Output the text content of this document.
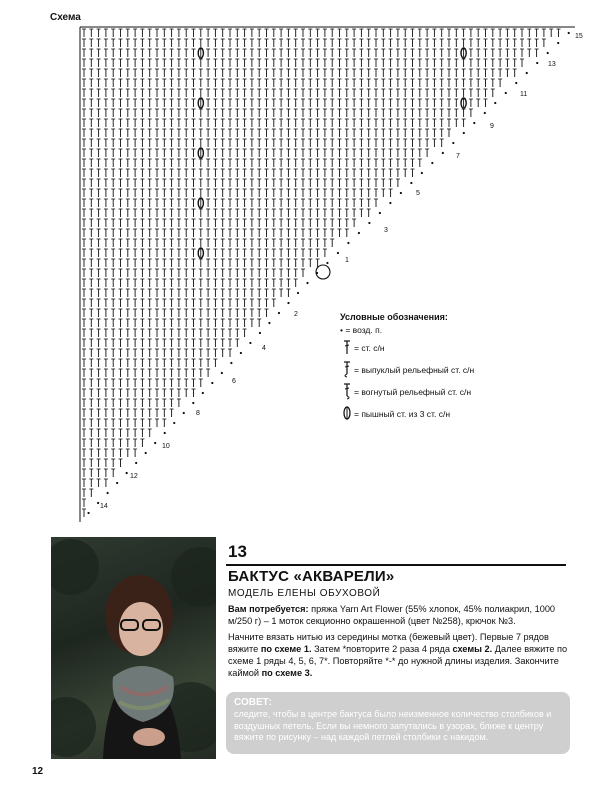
Схема
1
3
5
7
9
11
13
15
2
4
6
8
10
12
14
Условные обозначения:
• = возд. п.
= ст. с/н
= выпуклый рельефный ст. с/н
= вогнутый рельефный ст. с/н
= пышный ст. из 3 ст. с/н
13
БАКТУС «АКВАРЕЛИ»
МОДЕЛЬ ЕЛЕНЫ ОБУХОВОЙ

Вам потребуется: пряжа Yarn Art Flower (55% хлопок, 45% полиакрил, 1000 м/250 г) – 1 моток секционно окрашенной (цвет №258), крючок №3.

Начните вязать нитью из середины мотка (бежевый цвет). Первые 7 рядов вяжите по схеме 1. Затем *повторите 2 раза 4 ряда схемы 2. Далее вяжите по схеме 1 ряды 4, 5, 6, 7*. Повторяйте *-* до нужной длины изделия. Закончите каймой по схеме 3.

СОВЕТ:
следите, чтобы в центре бактуса было неизменное количество столбиков и воздушных петель. Если вы немного запутались в узорах, ближе к центру вяжите по рисунку – над каждой петлей столбики с накидом.
12
